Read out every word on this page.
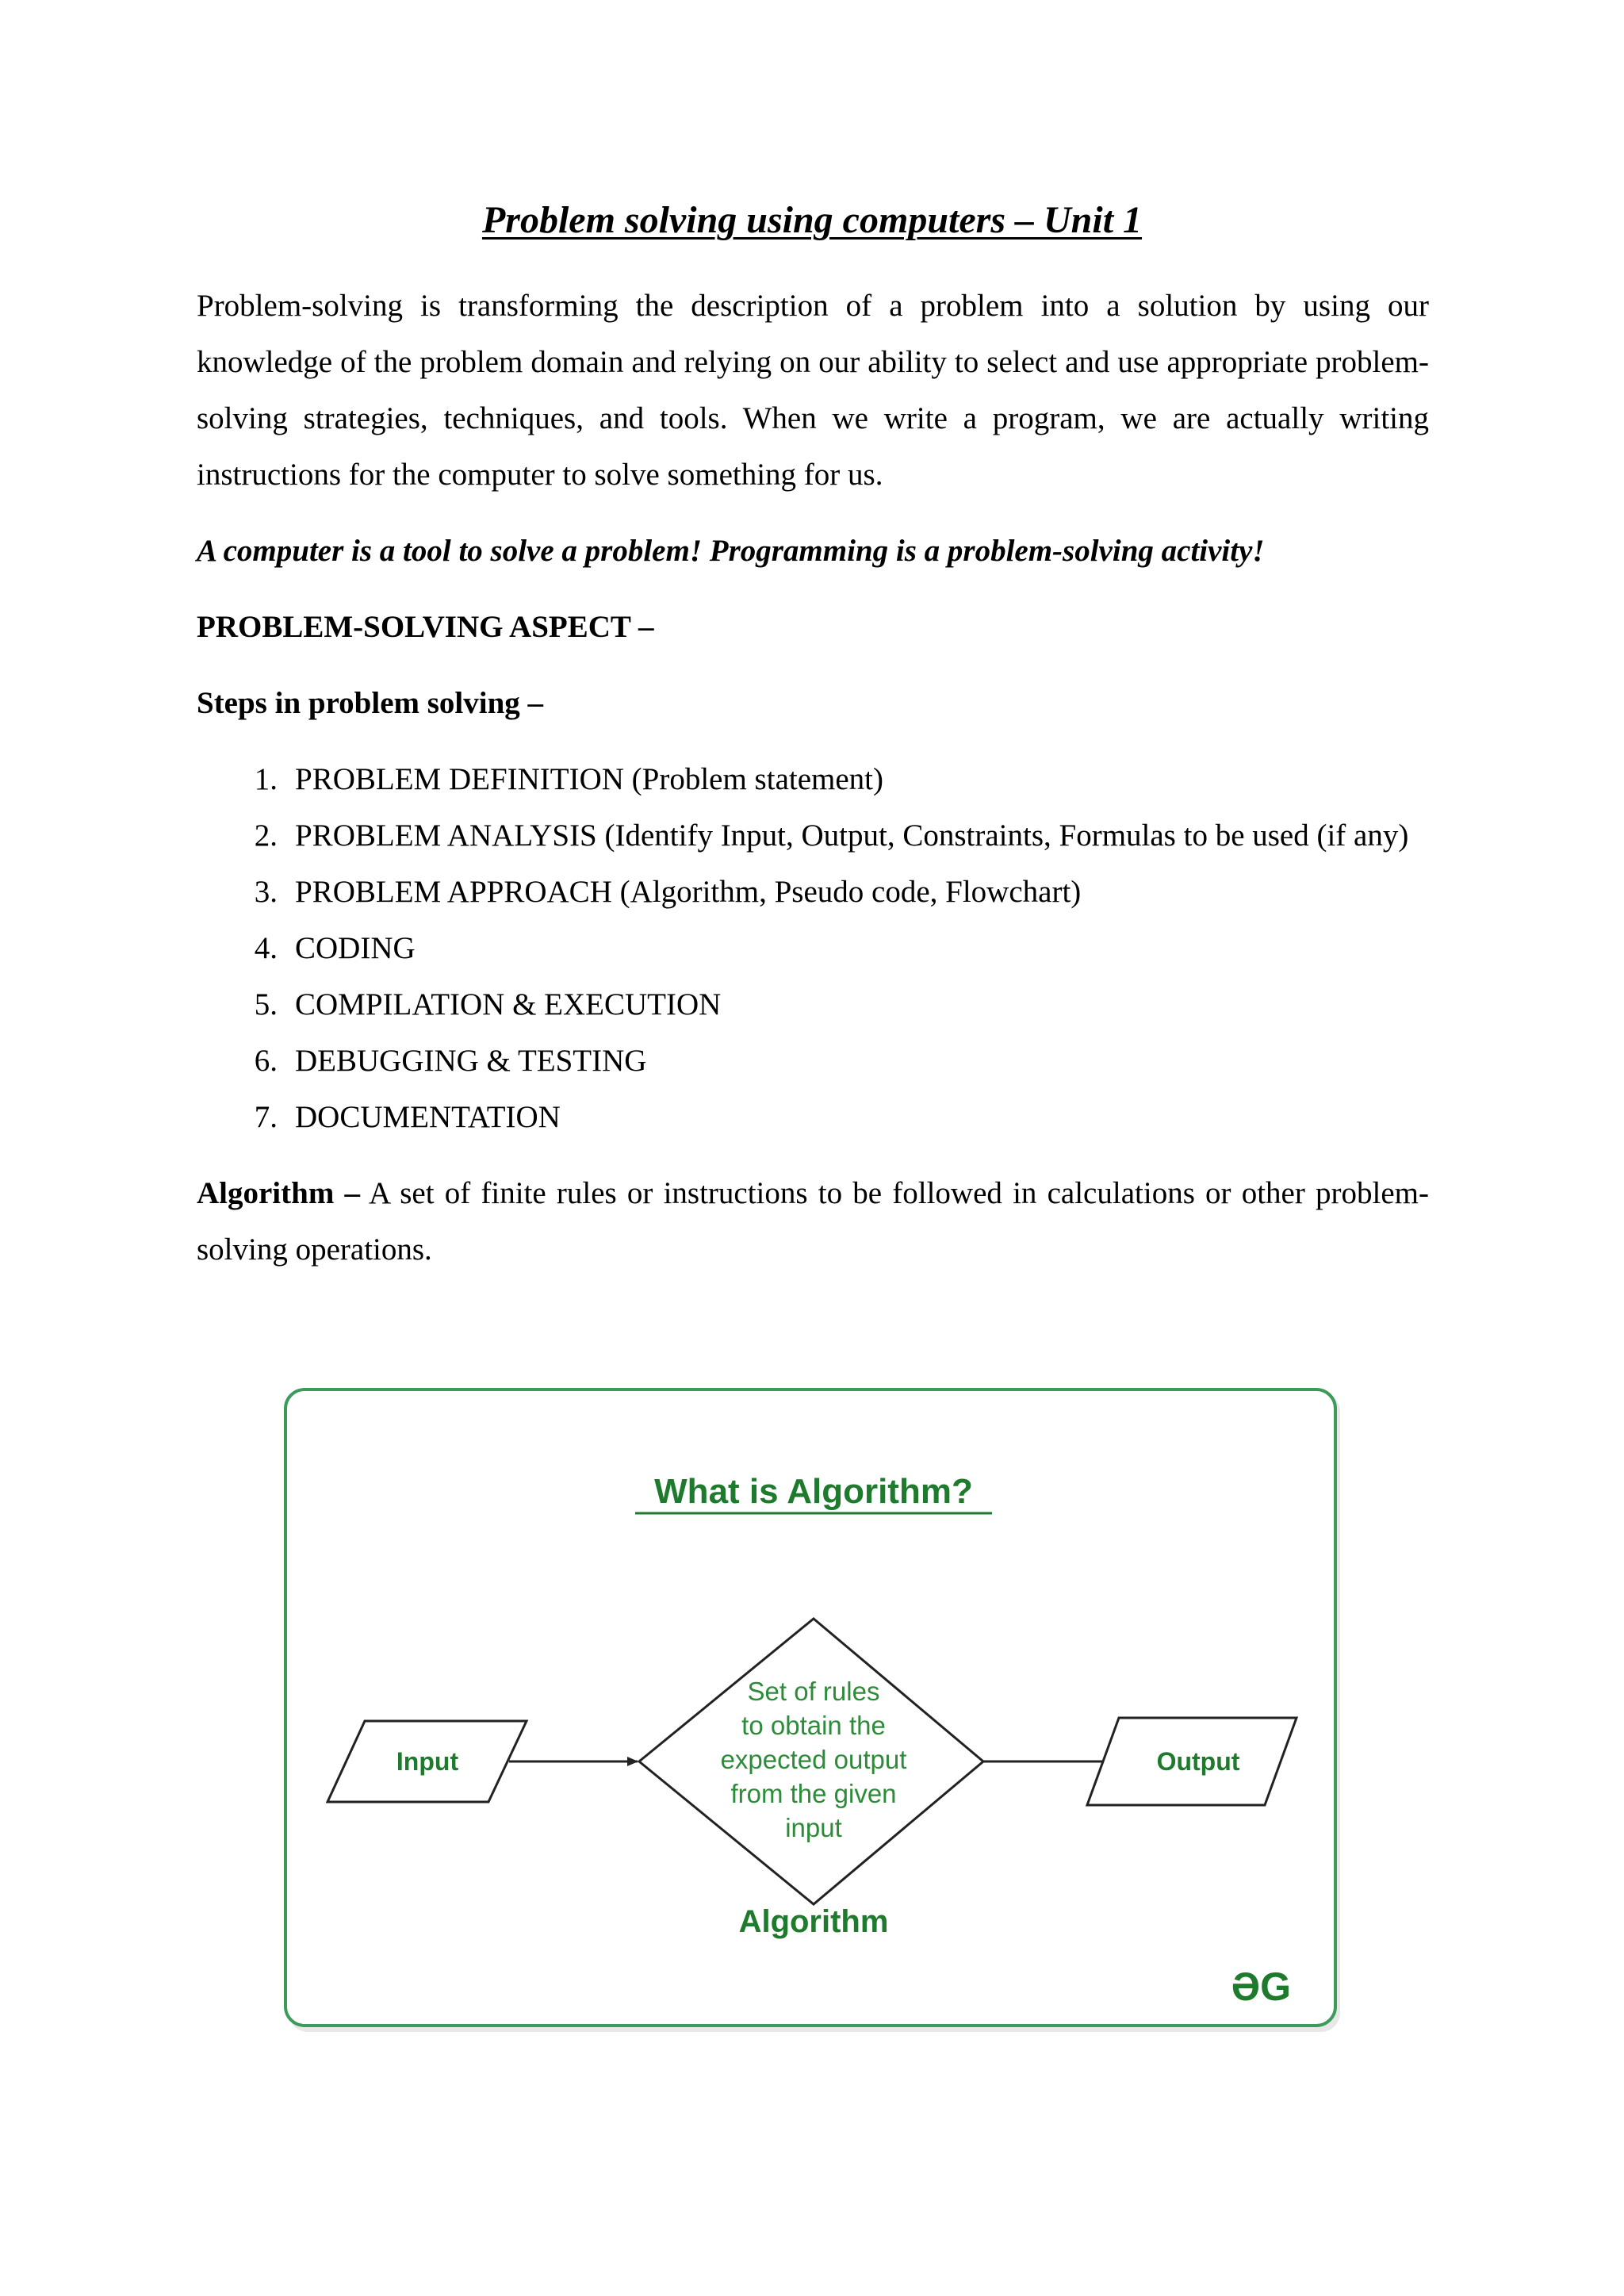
Problem solving using computers – Unit 1

Problem-solving is transforming the description of a problem into a solution by using our knowledge of the problem domain and relying on our ability to select and use appropriate problem-solving strategies, techniques, and tools. When we write a program, we are actually writing instructions for the computer to solve something for us.

A computer is a tool to solve a problem! Programming is a problem-solving activity!

PROBLEM-SOLVING ASPECT –

Steps in problem solving –

1. PROBLEM DEFINITION (Problem statement)
2. PROBLEM ANALYSIS (Identify Input, Output, Constraints, Formulas to be used (if any)
3. PROBLEM APPROACH (Algorithm, Pseudo code, Flowchart)
4. CODING
5. COMPILATION & EXECUTION
6. DEBUGGING & TESTING
7. DOCUMENTATION

Algorithm – A set of finite rules or instructions to be followed in calculations or other problem-solving operations.

What is Algorithm?
Input
Set of rules
to obtain the
expected output
from the given
input
Output
Algorithm
ƏG
